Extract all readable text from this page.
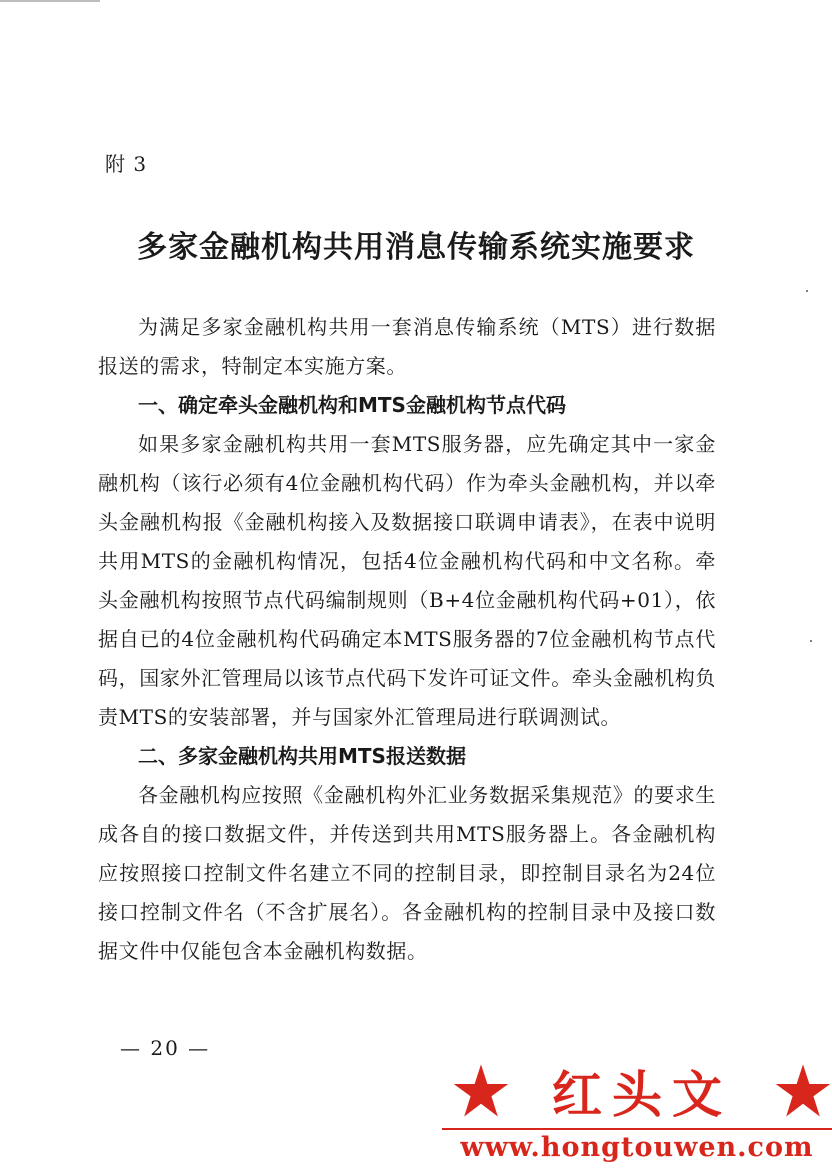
附 3
多家金融机构共用消息传输系统实施要求

为满足多家金融机构共用一套消息传输系统（MTS）进行数据报送的需求，特制定本实施方案。

一、确定牵头金融机构和MTS金融机构节点代码

如果多家金融机构共用一套MTS服务器，应先确定其中一家金融机构（该行必须有4位金融机构代码）作为牵头金融机构，并以牵头金融机构报《金融机构接入及数据接口联调申请表》，在表中说明共用MTS的金融机构情况，包括4位金融机构代码和中文名称。牵头金融机构按照节点代码编制规则（B+4位金融机构代码+01），依据自已的4位金融机构代码确定本MTS服务器的7位金融机构节点代码，国家外汇管理局以该节点代码下发许可证文件。牵头金融机构负责MTS的安装部署，并与国家外汇管理局进行联调测试。

二、多家金融机构共用MTS报送数据

各金融机构应按照《金融机构外汇业务数据采集规范》的要求生成各自的接口数据文件，并传送到共用MTS服务器上。各金融机构应按照接口控制文件名建立不同的控制目录，即控制目录名为24位接口控制文件名（不含扩展名）。各金融机构的控制目录中及接口数据文件中仅能包含本金融机构数据。

— 20 —
红头文
www.hongtouwen.com
